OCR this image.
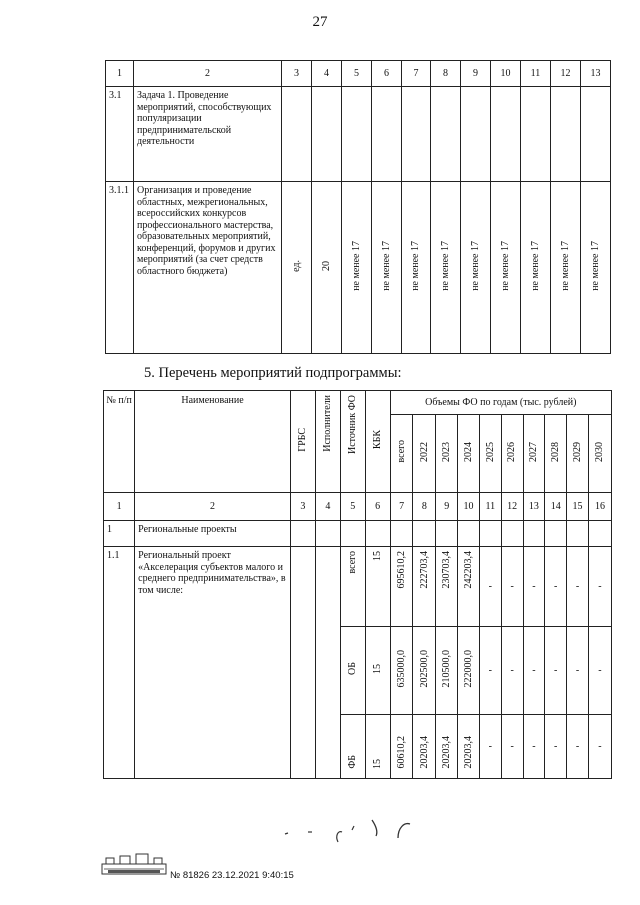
27
1	2	3	4	5	6	7	8	9	10	11	12	13
3.1	Задача 1. Проведение мероприятий, способствующих популяризации предпринимательской деятельности											
3.1.1	Организация и проведение областных, межрегиональных, всероссийских конкурсов профессионального мастерства, образовательных мероприятий, конференций, форумов и других мероприятий (за счет средств областного бюджета)	ед.	20	не менее 17	не менее 17	не менее 17	не менее 17	не менее 17	не менее 17	не менее 17	не менее 17	не менее 17
5. Перечень мероприятий подпрограммы:
№ п/п	Наименование	ГРБС	Исполнители	Источник ФО	КБК	Объемы ФО по годам (тыс. рублей)									
						всего	2022	2023	2024	2025	2026	2027	2028	2029	2030
1	2	3	4	5	6	7	8	9	10	11	12	13	14	15	16
1	Региональные проекты														
1.1	Региональный проект «Акселерация субъектов малого и среднего предпринимательства», в том числе:			всего	15	695610,2	222703,4	230703,4	242203,4	-	-	-	-	-	-
				ОБ	15	635000,0	202500,0	210500,0	222000,0	-	-	-	-	-	-
				ФБ	15	60610,2	20203,4	20203,4	20203,4	-	-	-	-	-	-
№ 81826 23.12.2021 9:40:15
